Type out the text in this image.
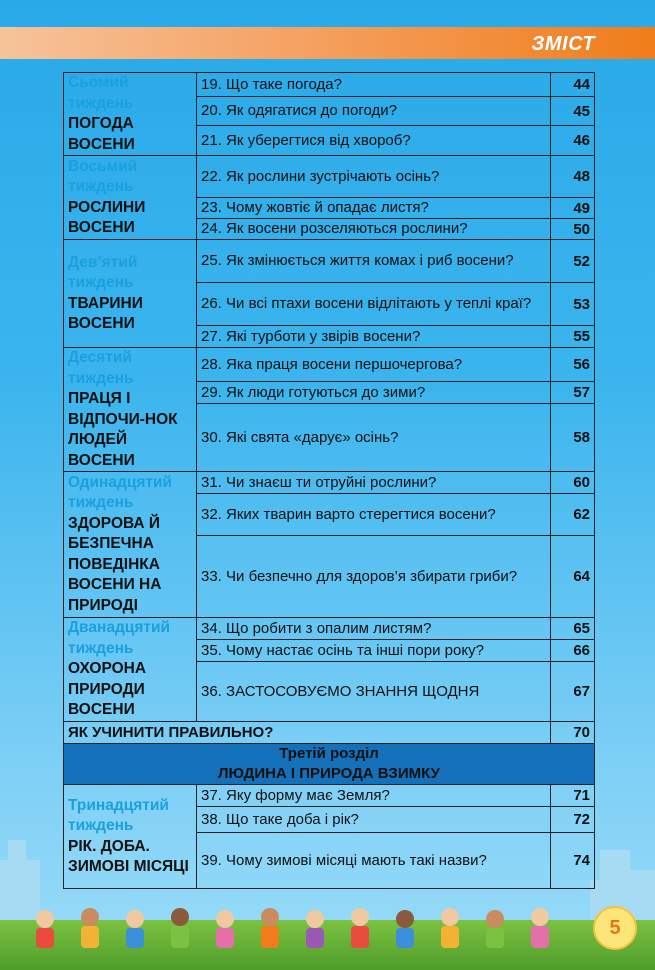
ЗМІСТ
5
Сьомий тиждень
ПОГОДА ВОСЕНИ	19. Що таке погода?	44
	20. Як одягатися до погоди?	45
	21. Як уберегтися від хвороб?	46

Восьмий тиждень
РОСЛИНИ ВОСЕНИ	22. Як рослини зустрічають осінь?	48
	23. Чому жовтіє й опадає листя?	49
	24. Як восени розселяються рослини?	50

Дев’ятий тиждень
ТВАРИНИ ВОСЕНИ	25. Як змінюється життя комах і риб восени?	52
	26. Чи всі птахи восени відлітають у теплі краї?	53
	27. Які турботи у звірів восени?	55

Десятий тиждень
ПРАЦЯ І ВІДПОЧИ-НОК ЛЮДЕЙ ВОСЕНИ	28. Яка праця восени першочергова?	56
	29. Як люди готуються до зими?	57
	30. Які свята «дарує» осінь?	58

Одинадцятий тиждень
ЗДОРОВА Й БЕЗПЕЧНА ПОВЕДІНКА ВОСЕНИ НА ПРИРОДІ	31. Чи знаєш ти отруйні рослини?	60
	32. Яких тварин варто стерегтися восени?	62
	33. Чи безпечно для здоров’я збирати гриби?	64

Дванадцятий тиждень
ОХОРОНА ПРИРОДИ ВОСЕНИ	34. Що робити з опалим листям?	65
	35. Чому настає осінь та інші пори року?	66
	36. ЗАСТОСОВУЄМО ЗНАННЯ ЩОДНЯ	67
ЯК УЧИНИТИ ПРАВИЛЬНО?		70

Третій розділ
ЛЮДИНА І ПРИРОДА ВЗИМКУ		

Тринадцятий тиждень
РІК. ДОБА. ЗИМОВІ МІСЯЦІ	37. Яку форму має Земля?	71
	38. Що таке доба і рік?	72
	39. Чому зимові місяці мають такі назви?	74
